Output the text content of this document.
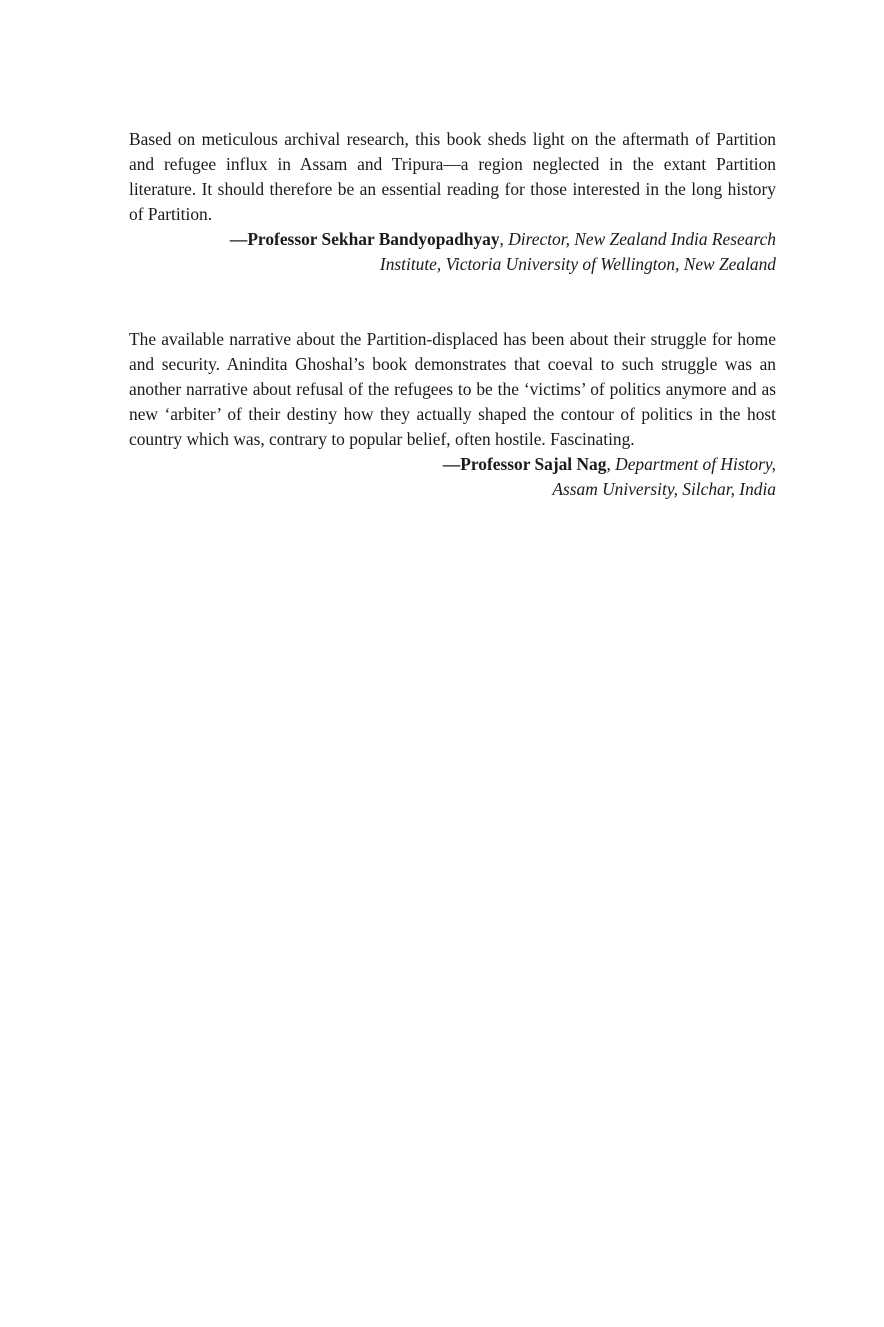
Based on meticulous archival research, this book sheds light on the aftermath of Partition and refugee influx in Assam and Tripura—a region neglected in the extant Partition literature. It should therefore be an essential reading for those interested in the long history of Partition.

—Professor Sekhar Bandyopadhyay, Director, New Zealand India Research
Institute, Victoria University of Wellington, New Zealand

The available narrative about the Partition-displaced has been about their struggle for home and security. Anindita Ghoshal’s book demonstrates that coeval to such struggle was an another narrative about refusal of the refugees to be the ‘victims’ of politics anymore and as new ‘arbiter’ of their destiny how they actually shaped the contour of politics in the host country which was, contrary to popular belief, often hostile. Fascinating.

—Professor Sajal Nag, Department of History,
Assam University, Silchar, India
